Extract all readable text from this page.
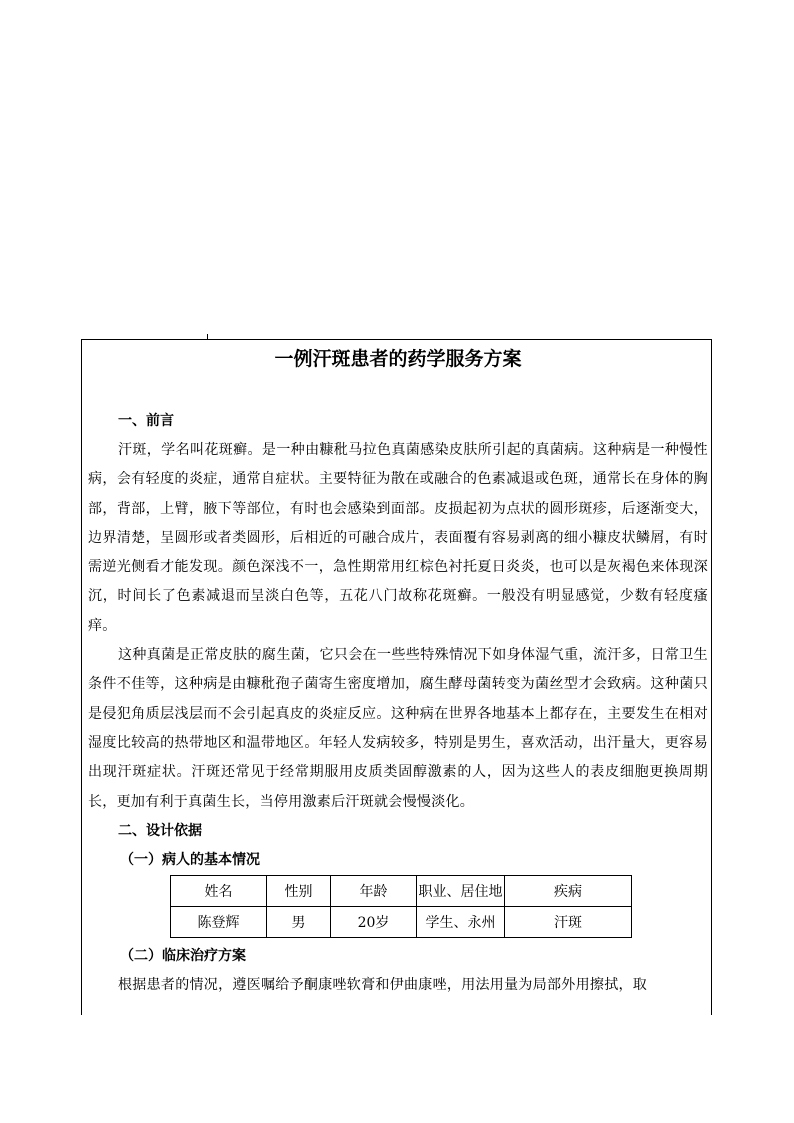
一例汗斑患者的药学服务方案
一、前言

汗斑，学名叫花斑癣。是一种由糠秕马拉色真菌感染皮肤所引起的真菌病。这种病是一种慢性病，会有轻度的炎症，通常自症状。主要特征为散在或融合的色素减退或色斑，通常长在身体的胸部，背部，上臂，腋下等部位，有时也会感染到面部。皮损起初为点状的圆形斑疹，后逐渐变大，边界清楚，呈圆形或者类圆形，后相近的可融合成片，表面覆有容易剥离的细小糠皮状鳞屑，有时需逆光侧看才能发现。颜色深浅不一，急性期常用红棕色衬托夏日炎炎，也可以是灰褐色来体现深沉，时间长了色素减退而呈淡白色等，五花八门故称花斑癣。一般没有明显感觉，少数有轻度瘙痒。

这种真菌是正常皮肤的腐生菌，它只会在一些些特殊情况下如身体湿气重，流汗多，日常卫生条件不佳等，这种病是由糠秕孢子菌寄生密度增加，腐生酵母菌转变为菌丝型才会致病。这种菌只是侵犯角质层浅层而不会引起真皮的炎症反应。这种病在世界各地基本上都存在，主要发生在相对湿度比较高的热带地区和温带地区。年轻人发病较多，特别是男生，喜欢活动，出汗量大，更容易出现汗斑症状。汗斑还常见于经常期服用皮质类固醇激素的人，因为这些人的表皮细胞更换周期长，更加有利于真菌生长，当停用激素后汗斑就会慢慢淡化。

二、设计依据
（一）病人的基本情况
姓名	性别	年龄	职业、居住地	疾病
陈登辉	男	20岁	学生、永州	汗斑
（二）临床治疗方案

根据患者的情况，遵医嘱给予酮康唑软膏和伊曲康唑，用法用量为局部外用擦拭，取
